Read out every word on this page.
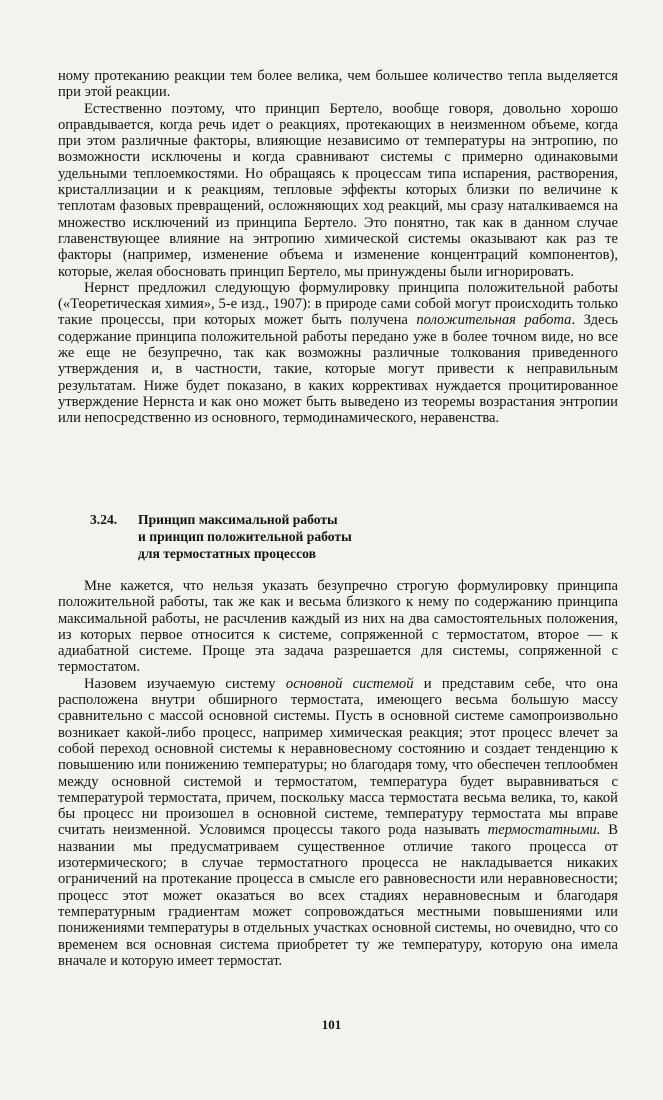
ному протеканию реакции тем более велика, чем большее количество тепла выделяется при этой реакции.

Естественно поэтому, что принцип Бертело, вообще говоря, довольно хорошо оправдывается, когда речь идет о реакциях, протекающих в неизменном объеме, когда при этом различные факторы, влияющие независимо от температуры на энтропию, по возможности исключены и когда сравнивают системы с примерно одинаковыми удельными теплоемкостями. Но обращаясь к процессам типа испарения, растворения, кристаллизации и к реакциям, тепловые эффекты которых близки по величине к теплотам фазовых превращений, осложняющих ход реакций, мы сразу наталкиваемся на множество исключений из принципа Бертело. Это понятно, так как в данном случае главенствующее влияние на энтропию химической системы оказывают как раз те факторы (например, изменение объема и изменение концентраций компонентов), которые, желая обосновать принцип Бертело, мы принуждены были игнорировать.

Нернст предложил следующую формулировку принципа положительной работы («Теоретическая химия», 5-е изд., 1907): в природе сами собой могут происходить только такие процессы, при которых может быть получена положительная работа. Здесь содержание принципа положительной работы передано уже в более точном виде, но все же еще не безупречно, так как возможны различные толкования приведенного утверждения и, в частности, такие, которые могут привести к неправильным результатам. Ниже будет показано, в каких коррективах нуждается процитированное утверждение Нернста и как оно может быть выведено из теоремы возрастания энтропии или непосредственно из основного, термодинамического, неравенства.

3.24. Принцип максимальной работы
и принцип положительной работы
для термостатных процессов

Мне кажется, что нельзя указать безупречно строгую формулировку принципа положительной работы, так же как и весьма близкого к нему по содержанию принципа максимальной работы, не расчленив каждый из них на два самостоятельных положения, из которых первое относится к системе, сопряженной с термостатом, второе — к адиабатной системе. Проще эта задача разрешается для системы, сопряженной с термостатом.

Назовем изучаемую систему основной системой и представим себе, что она расположена внутри обширного термостата, имеющего весьма большую массу сравнительно с массой основной системы. Пусть в основной системе самопроизвольно возникает какой-либо процесс, например химическая реакция; этот процесс влечет за собой переход основной системы к неравновесному состоянию и создает тенденцию к повышению или понижению температуры; но благодаря тому, что обеспечен теплообмен между основной системой и термостатом, температура будет выравниваться с температурой термостата, причем, поскольку масса термостата весьма велика, то, какой бы процесс ни произошел в основной системе, температуру термостата мы вправе считать неизменной. Условимся процессы такого рода называть термостатными. В названии мы предусматриваем существенное отличие такого процесса от изотермического; в случае термостатного процесса не накладывается никаких ограничений на протекание процесса в смысле его равновесности или неравновесности; процесс этот может оказаться во всех стадиях неравновесным и благодаря температурным градиентам может сопровождаться местными повышениями или понижениями температуры в отдельных участках основной системы, но очевидно, что со временем вся основная система приобретет ту же температуру, которую она имела вначале и которую имеет термостат.

101
